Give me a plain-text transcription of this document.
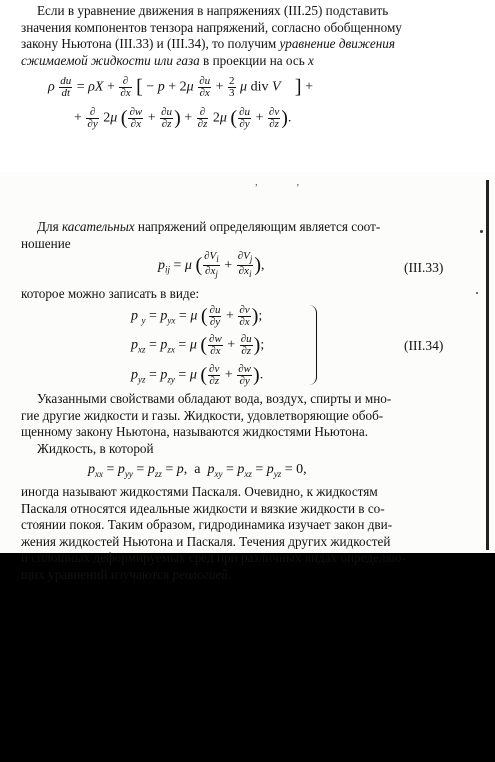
, ,

Если в уравнение движения в напряжениях (III.25) подставить
значения компонентов тензора напряжений, согласно обобщенному
закону Ньютона (III.33) и (III.34), то получим уравнение движения
сжимаемой жидкости или газа в проекции на ось x

ρ $\frac{du}{dt} = \rho X + \frac{\partial}{\partial x}$ [ − $p + 2\mu \frac{\partial u}{\partial x} + \frac{2}{3}$ μ div V⃗ ] +
+ $\frac{\partial}{\partial y} 2\mu$ ( $\frac{\partial w}{\partial x} + \frac{\partial u}{\partial z}$ ) + $\frac{\partial}{\partial z} 2\mu$ ( $\frac{\partial u}{\partial y} + \frac{\partial v}{\partial z}$ ).

Для касательных напряжений определяющим является соот-
ношение

$p_{ij} = \mu$ ( $\frac{\partial V_i}{\partial x_j} + \frac{\partial V_j}{\partial x_i}$ ),	(III.33)

которое можно записать в виде:

p $_y = p_{yx} = \mu$ ( $\frac{\partial u}{\partial y} + \frac{\partial v}{\partial x}$ );
$p_{xz} = p_{zx} = \mu$ ( $\frac{\partial w}{\partial x} + \frac{\partial u}{\partial z}$ );
$p_{yz} = p_{zy} = \mu$ ( $\frac{\partial v}{\partial z} + \frac{\partial w}{\partial y}$ ).
(III.34)

Указанными свойствами обладают вода, воздух, спирты и мно-
гие другие жидкости и газы. Жидкости, удовлетворяющие обоб-
щенному закону Ньютона, называются жидкостями Ньютона.
Жидкость, в которой

$p_{xx} = p_{yy} = p_{zz} = p$,  а  $p_{xy} = p_{xz} = p_{yz} = 0$,

иногда называют жидкостями Паскаля. Очевидно, к жидкостям
Паскаля относятся идеальные жидкости и вязкие жидкости в со-
стоянии покоя. Таким образом, гидродинамика изучает закон дви-
жения жидкостей Ньютона и Паскаля. Течения других жидкостей
и сплошных деформируемых сред при различных видах определяю-
щих уравнений изучаются реологией.
